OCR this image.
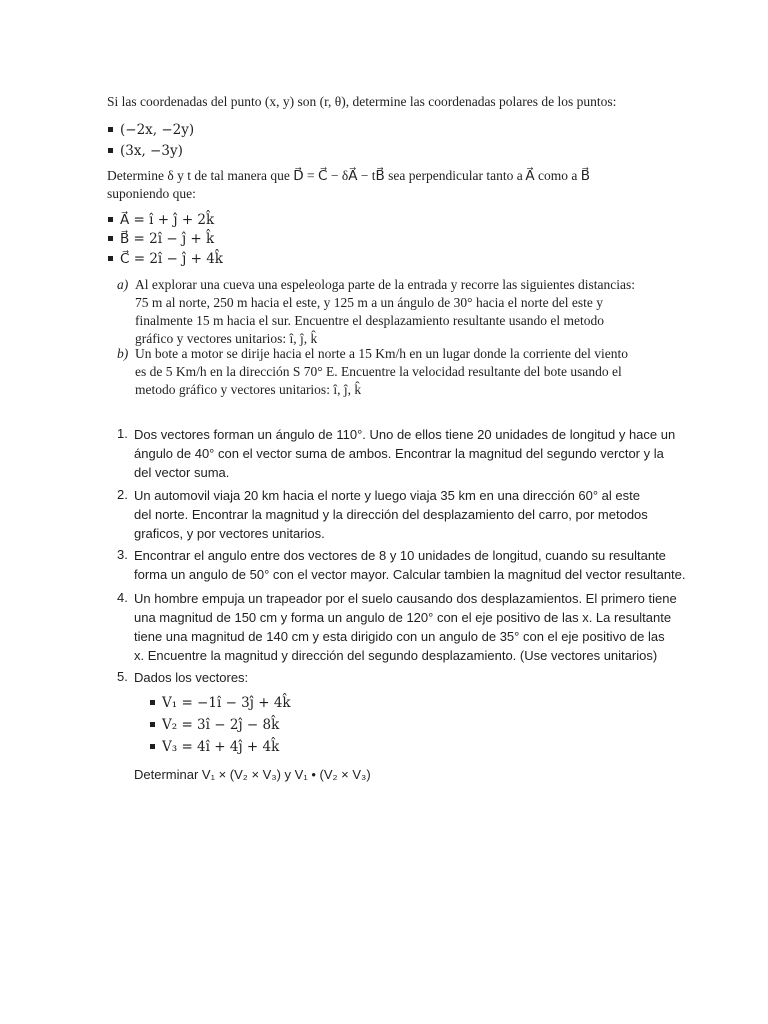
Si las coordenadas del punto (x, y) son (r, θ), determine las coordenadas polares de los puntos:
(−2x, −2y)
(3x, −3y)
Determine δ y t de tal manera que D⃗ = C⃗ − δA⃗ − tB⃗ sea perpendicular tanto a A⃗ como a B⃗
suponiendo que:
A⃗ = î + ĵ + 2k̂
B⃗ = 2î − ĵ + k̂
C⃗ = 2î − ĵ + 4k̂
a) Al explorar una cueva una espeleologa parte de la entrada y recorre las siguientes distancias:
75 m al norte, 250 m hacia el este, y 125 m a un ángulo de 30° hacia el norte del este y
finalmente 15 m hacia el sur. Encuentre el desplazamiento resultante usando el metodo
gráfico y vectores unitarios: î, ĵ, k̂
b) Un bote a motor se dirije hacia el norte a 15 Km/h en un lugar donde la corriente del viento
es de 5 Km/h en la dirección S 70° E. Encuentre la velocidad resultante del bote usando el
metodo gráfico y vectores unitarios: î, ĵ, k̂
1. Dos vectores forman un ángulo de 110°. Uno de ellos tiene 20 unidades de longitud y hace un
ángulo de 40° con el vector suma de ambos. Encontrar la magnitud del segundo verctor y la
del vector suma.
2. Un automovil viaja 20 km hacia el norte y luego viaja 35 km en una dirección 60° al este
del norte. Encontrar la magnitud y la dirección del desplazamiento del carro, por metodos
graficos, y por vectores unitarios.
3. Encontrar el angulo entre dos vectores de 8 y 10 unidades de longitud, cuando su resultante
forma un angulo de 50° con el vector mayor. Calcular tambien la magnitud del vector resultante.
4. Un hombre empuja un trapeador por el suelo causando dos desplazamientos. El primero tiene
una magnitud de 150 cm y forma un angulo de 120° con el eje positivo de las x. La resultante
tiene una magnitud de 140 cm y esta dirigido con un angulo de 35° con el eje positivo de las
x. Encuentre la magnitud y dirección del segundo desplazamiento. (Use vectores unitarios)
5. Dados los vectores:
V₁ = −1î − 3ĵ + 4k̂
V₂ = 3î − 2ĵ − 8k̂
V₃ = 4î + 4ĵ + 4k̂
Determinar V₁ × (V₂ × V₃) y V₁ • (V₂ × V₃)
